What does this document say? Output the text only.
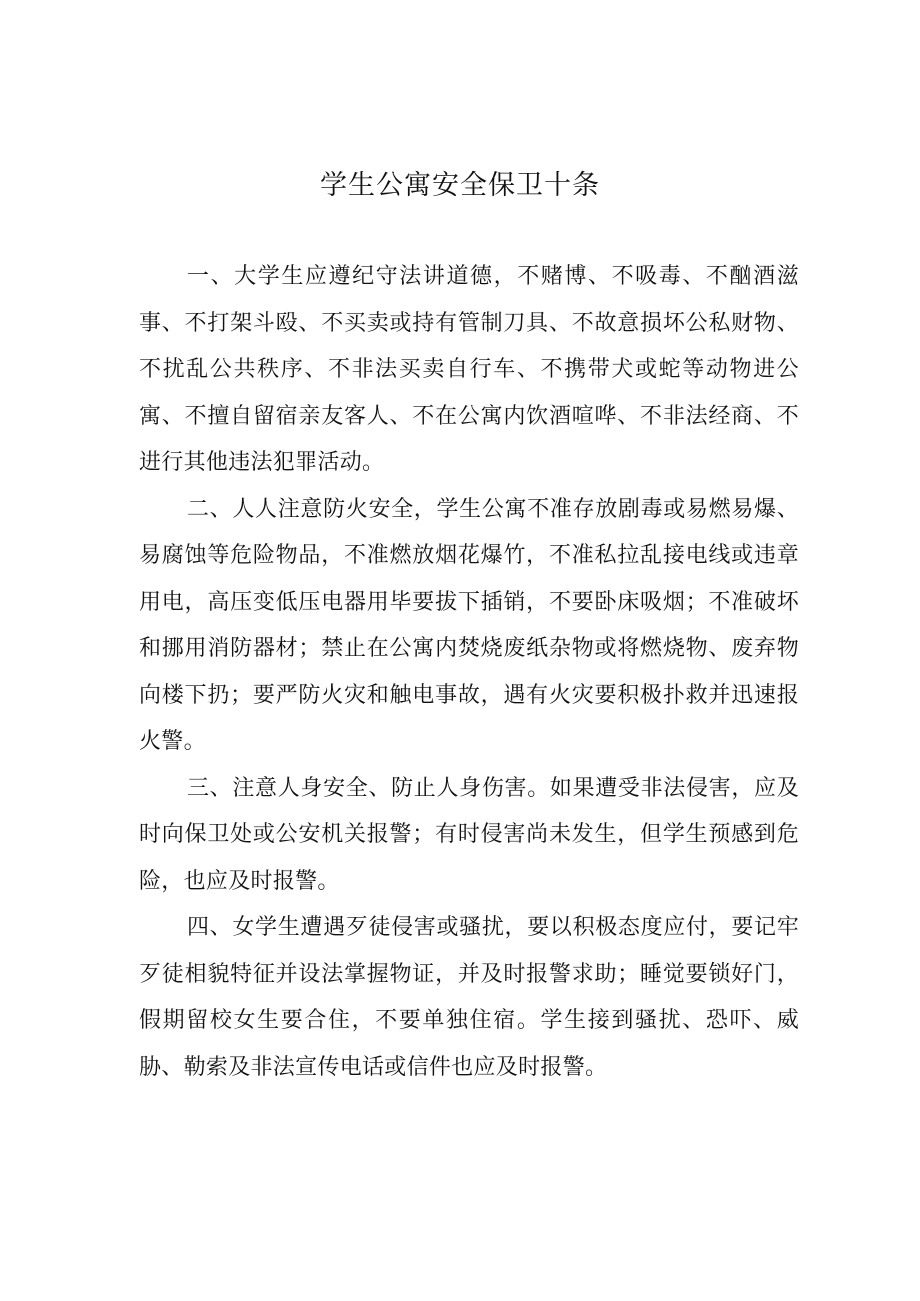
学生公寓安全保卫十条

一、大学生应遵纪守法讲道德，不赌博、不吸毒、不酗酒滋事、不打架斗殴、不买卖或持有管制刀具、不故意损坏公私财物、不扰乱公共秩序、不非法买卖自行车、不携带犬或蛇等动物进公寓、不擅自留宿亲友客人、不在公寓内饮酒喧哗、不非法经商、不进行其他违法犯罪活动。

二、人人注意防火安全，学生公寓不准存放剧毒或易燃易爆、易腐蚀等危险物品，不准燃放烟花爆竹，不准私拉乱接电线或违章用电，高压变低压电器用毕要拔下插销，不要卧床吸烟；不准破坏和挪用消防器材；禁止在公寓内焚烧废纸杂物或将燃烧物、废弃物向楼下扔；要严防火灾和触电事故，遇有火灾要积极扑救并迅速报火警。

三、注意人身安全、防止人身伤害。如果遭受非法侵害，应及时向保卫处或公安机关报警；有时侵害尚未发生，但学生预感到危险，也应及时报警。

四、女学生遭遇歹徒侵害或骚扰，要以积极态度应付，要记牢歹徒相貌特征并设法掌握物证，并及时报警求助；睡觉要锁好门，假期留校女生要合住，不要单独住宿。学生接到骚扰、恐吓、威胁、勒索及非法宣传电话或信件也应及时报警。
